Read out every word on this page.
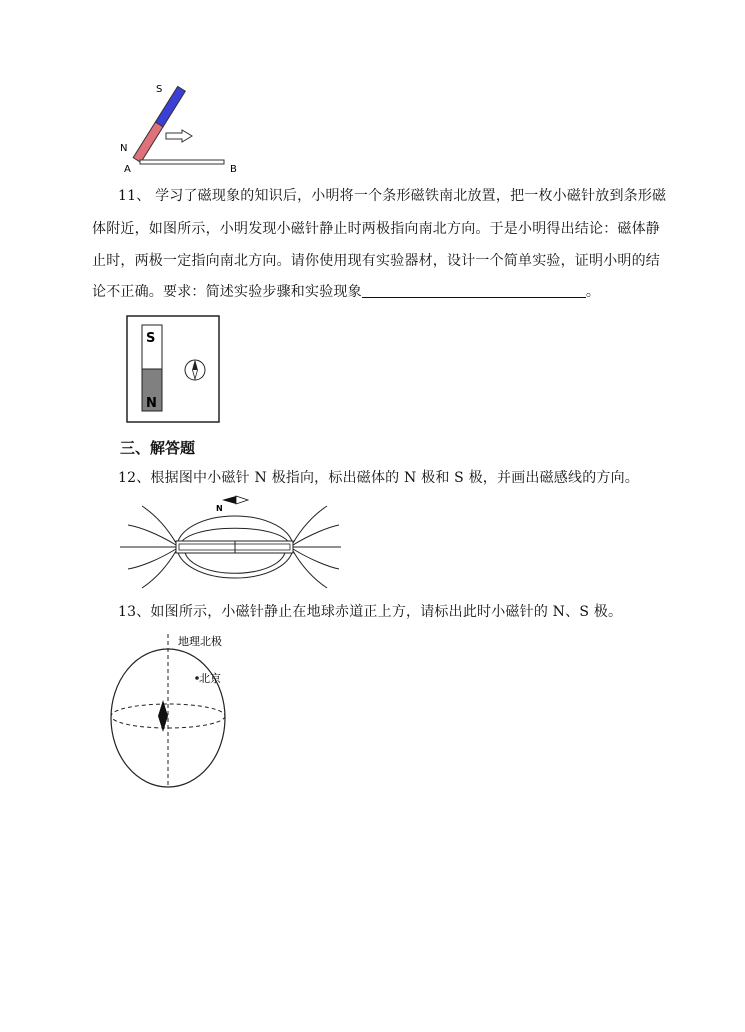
S
N
A	B
11、 学习了磁现象的知识后，小明将一个条形磁铁南北放置，把一枚小磁针放到条形磁
体附近，如图所示，小明发现小磁针静止时两极指向南北方向。于是小明得出结论：磁体静
止时，两极一定指向南北方向。请你使用现有实验器材，设计一个简单实验，证明小明的结
论不正确。要求：简述实验步骤和实验现象	。
S
N
三、解答题
12、根据图中小磁针 N 极指向，标出磁体的 N 极和 S 极，并画出磁感线的方向。
N
13、如图所示，小磁针静止在地球赤道正上方，请标出此时小磁针的 N、S 极。
地理北极
北京
